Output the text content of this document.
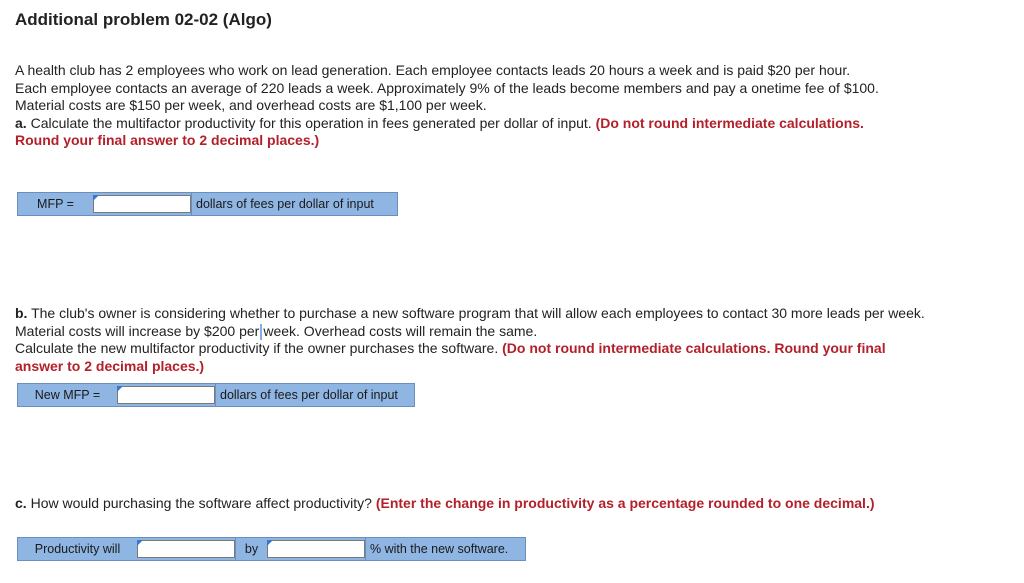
Additional problem 02-02 (Algo)

A health club has 2 employees who work on lead generation. Each employee contacts leads 20 hours a week and is paid $20 per hour.

Each employee contacts an average of 220 leads a week. Approximately 9% of the leads become members and pay a onetime fee of $100.

Material costs are $150 per week, and overhead costs are $1,100 per week.

a. Calculate the multifactor productivity for this operation in fees generated per dollar of input. (Do not round intermediate calculations. Round your final answer to 2 decimal places.)

MFP =	dollars of fees per dollar of input

b. The club's owner is considering whether to purchase a new software program that will allow each employees to contact 30 more leads per week. Material costs will increase by $200 per week. Overhead costs will remain the same.

Calculate the new multifactor productivity if the owner purchases the software. (Do not round intermediate calculations. Round your final answer to 2 decimal places.)

New MFP =	dollars of fees per dollar of input

c. How would purchasing the software affect productivity? (Enter the change in productivity as a percentage rounded to one decimal.)

Productivity will	by	% with the new software.
